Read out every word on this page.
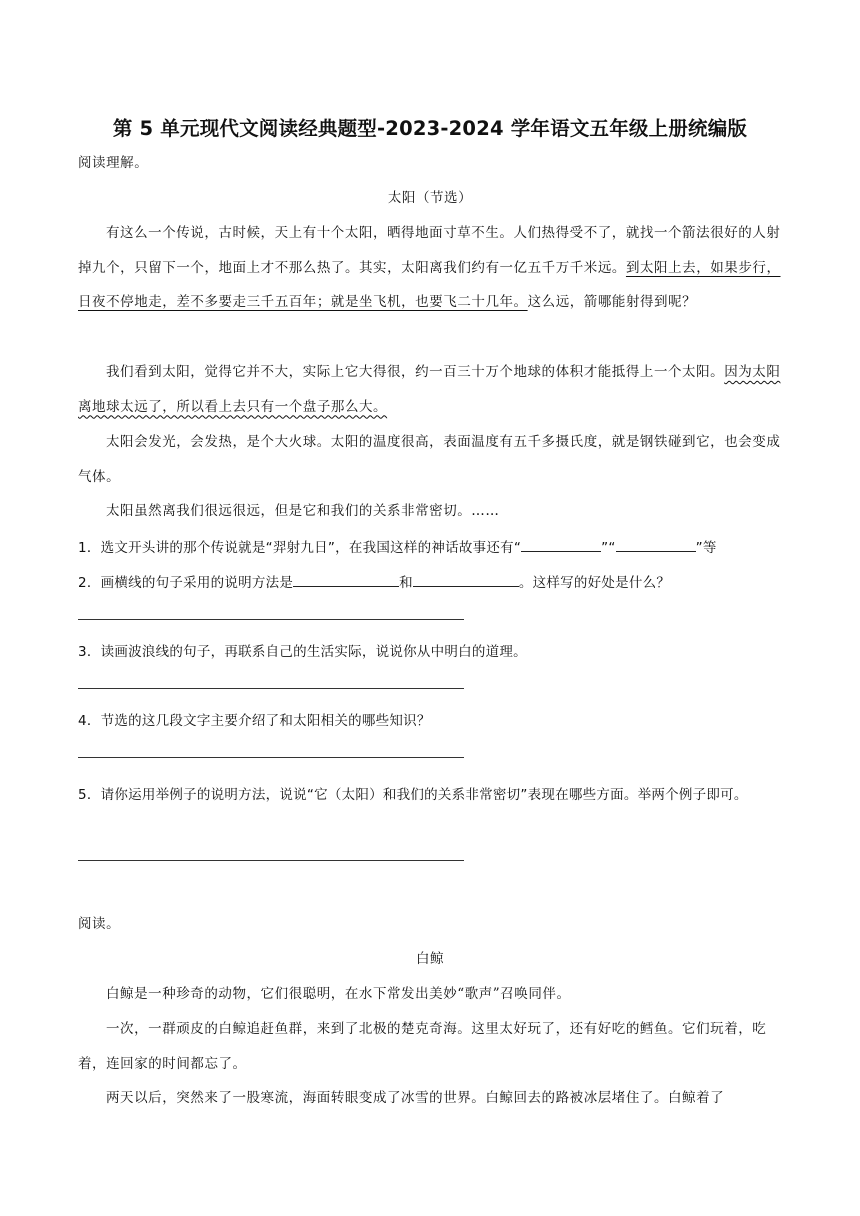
第 5 单元现代文阅读经典题型-2023-2024 学年语文五年级上册统编版
阅读理解。
太阳（节选）
有这么一个传说，古时候，天上有十个太阳，晒得地面寸草不生。人们热得受不了，就找一个箭法很好的人射掉九个，只留下一个，地面上才不那么热了。其实，太阳离我们约有一亿五千万千米远。到太阳上去，如果步行，日夜不停地走，差不多要走三千五百年；就是坐飞机，也要飞二十几年。这么远，箭哪能射得到呢？
我们看到太阳，觉得它并不大，实际上它大得很，约一百三十万个地球的体积才能抵得上一个太阳。因为太阳离地球太远了，所以看上去只有一个盘子那么大。
太阳会发光，会发热，是个大火球。太阳的温度很高，表面温度有五千多摄氏度，就是钢铁碰到它，也会变成气体。
太阳虽然离我们很远很远，但是它和我们的关系非常密切。……
1．选文开头讲的那个传说就是“羿射九日”，在我国这样的神话故事还有“	”“	”等
2．画横线的句子采用的说明方法是	和	。这样写的好处是什么？
3．读画波浪线的句子，再联系自己的生活实际，说说你从中明白的道理。
4．节选的这几段文字主要介绍了和太阳相关的哪些知识？
5．请你运用举例子的说明方法，说说“它（太阳）和我们的关系非常密切”表现在哪些方面。举两个例子即可。
阅读。
白鲸
白鲸是一种珍奇的动物，它们很聪明，在水下常发出美妙“歌声”召唤同伴。
一次，一群顽皮的白鲸追赶鱼群，来到了北极的楚克奇海。这里太好玩了，还有好吃的鳕鱼。它们玩着，吃着，连回家的时间都忘了。
两天以后，突然来了一股寒流，海面转眼变成了冰雪的世界。白鲸回去的路被冰层堵住了。白鲸着了
